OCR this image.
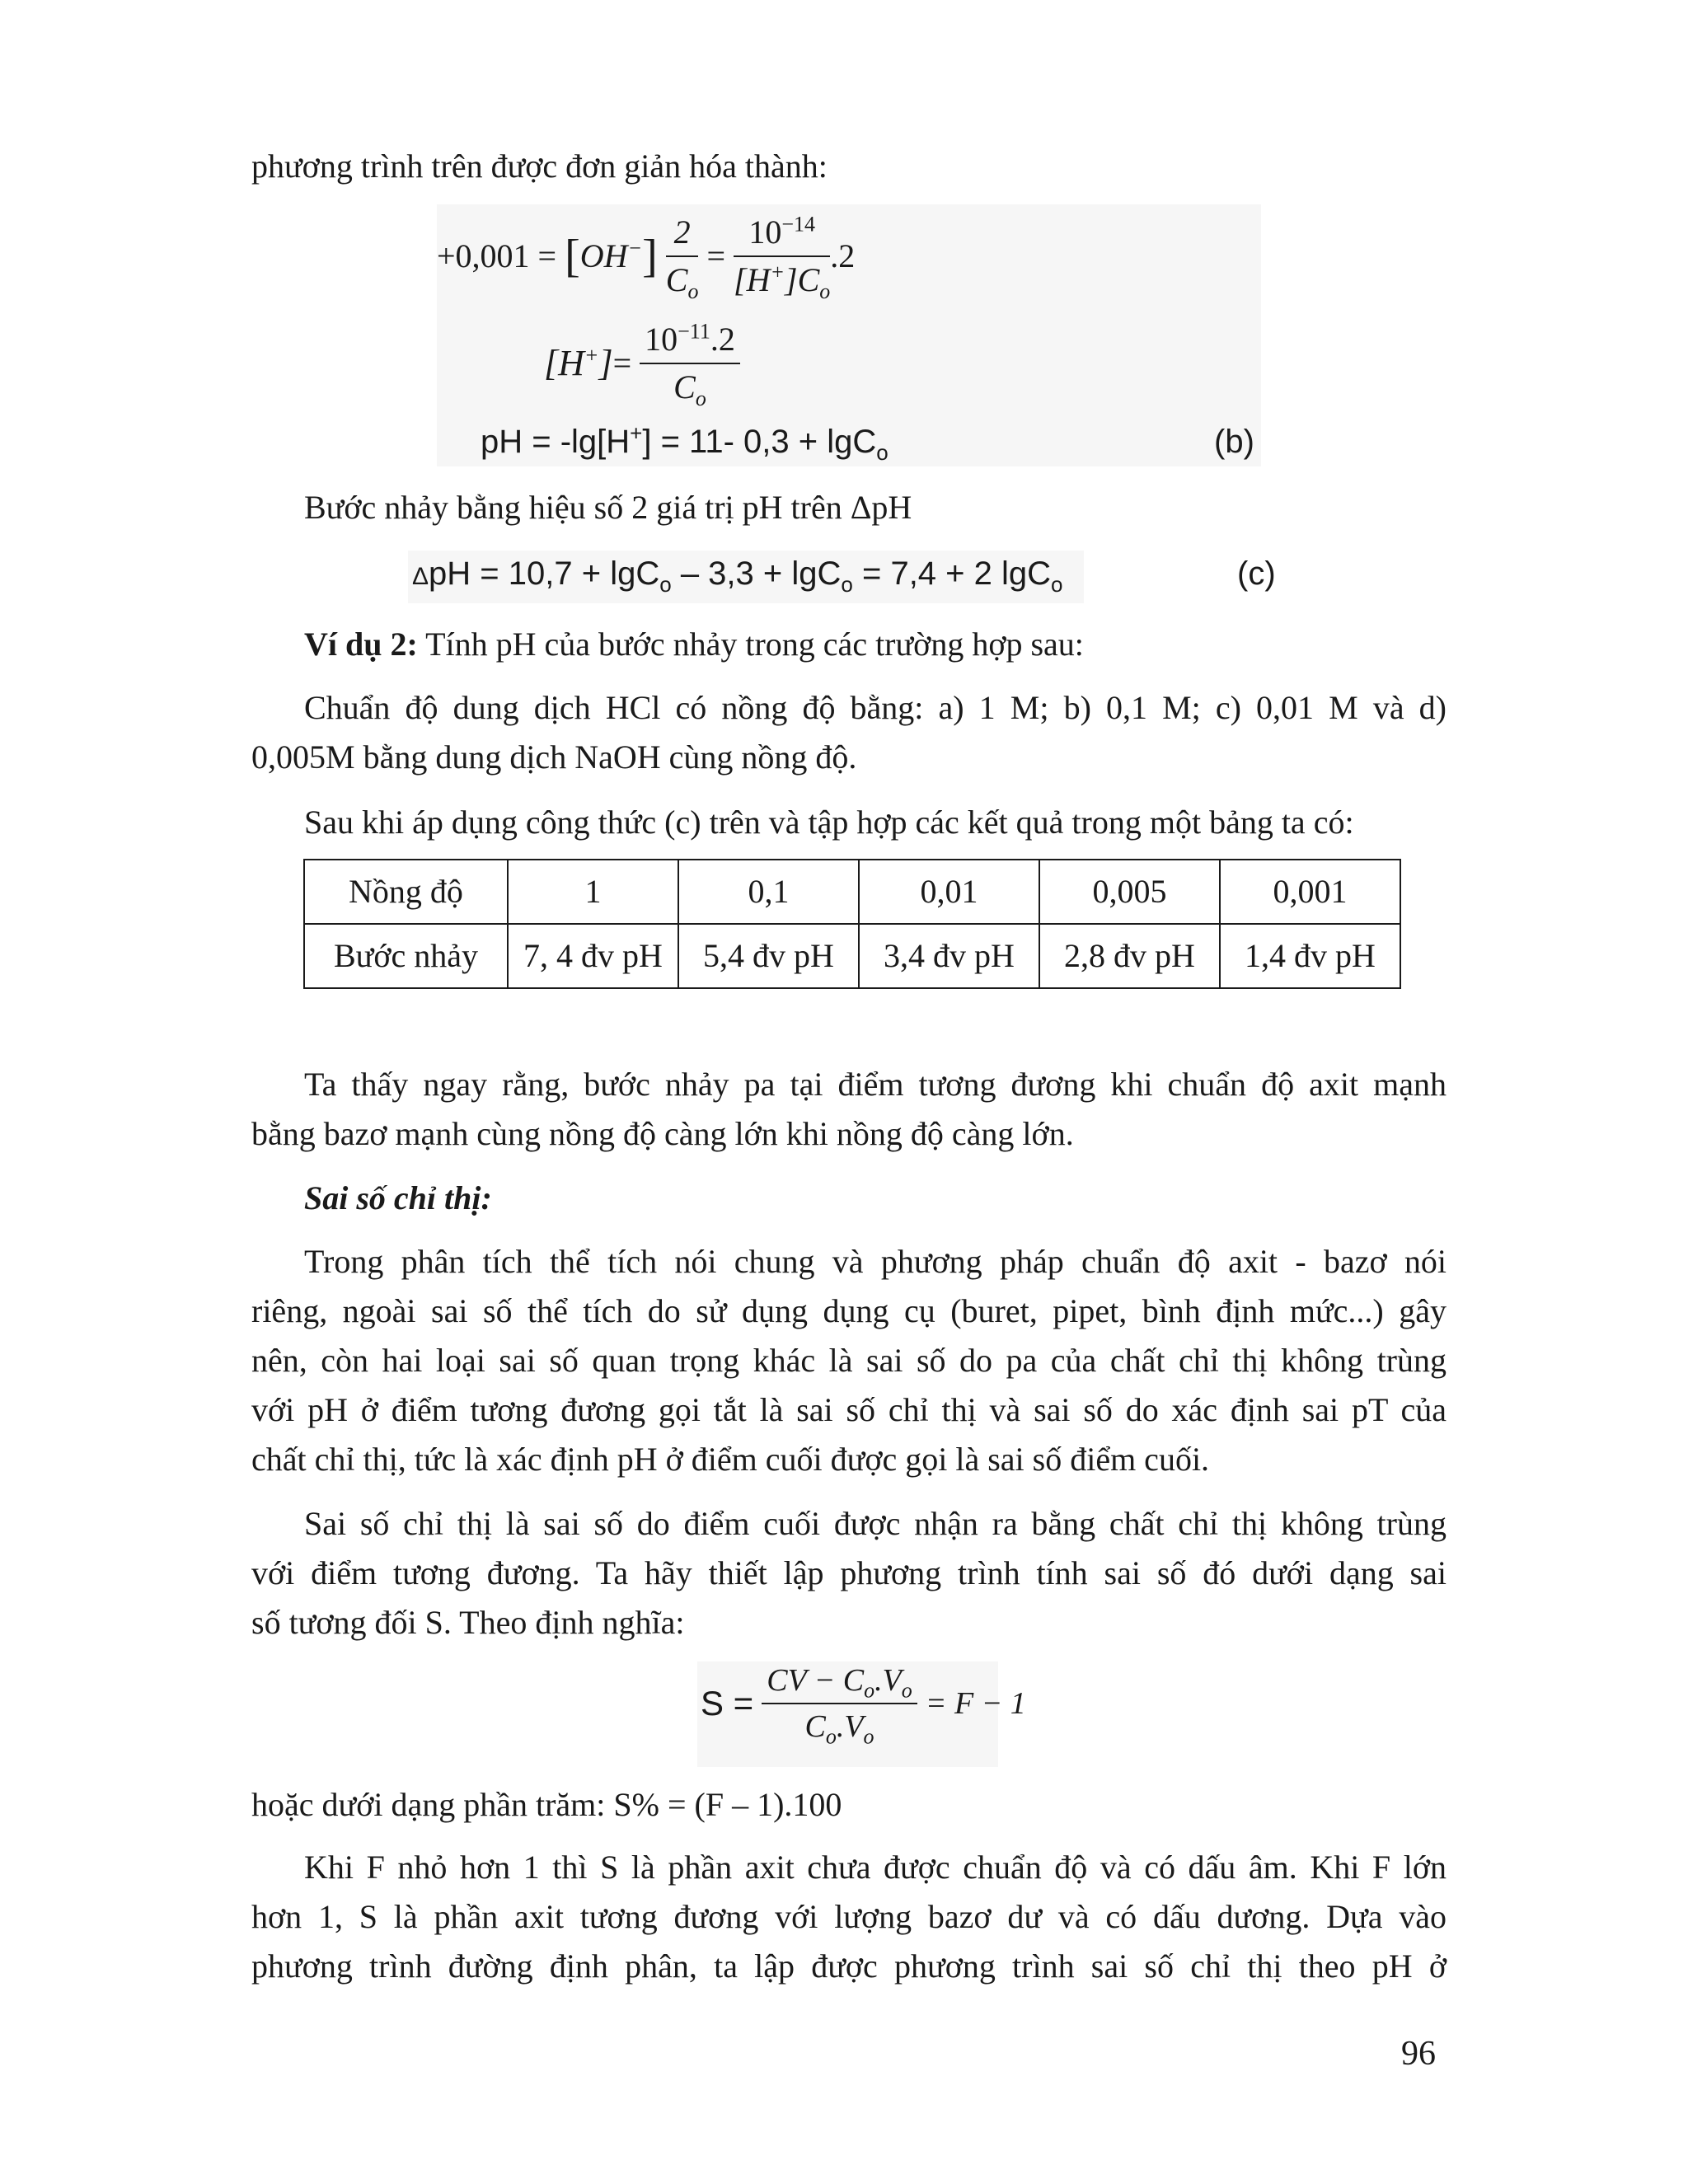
phương trình trên được đơn giản hóa thành:
$+0,001 = [OH^-] \frac{2}{C_o} = \frac{10^{-14}}{[H^+]C_o} .2$
$[H^+]= \frac{10^{-11}.2}{C_o}$
pH = -lg[H+] = 11- 0,3 + lgC$_o$	(b)
Bước nhảy bằng hiệu số 2 giá trị pH trên ΔpH
ΔpH = 10,7 + lgC$_o$ – 3,3 + lgC$_o$ = 7,4 + 2 lgC$_o$	(c)
Ví dụ 2: Tính pH của bước nhảy trong các trường hợp sau:
Chuẩn độ dung dịch HCl có nồng độ bằng: a) 1 M; b) 0,1 M; c) 0,01 M và d)
0,005M bằng dung dịch NaOH cùng nồng độ.
Sau khi áp dụng công thức (c) trên và tập hợp các kết quả trong một bảng ta có:
Nồng độ	1	0,1	0,01	0,005	0,001
Bước nhảy	7, 4 đv pH	5,4 đv pH	3,4 đv pH	2,8 đv pH	1,4 đv pH
Ta thấy ngay rằng, bước nhảy pa tại điểm tương đương khi chuẩn độ axit mạnh
bằng bazơ mạnh cùng nồng độ càng lớn khi nồng độ càng lớn.
Sai số chỉ thị:
Trong phân tích thể tích nói chung và phương pháp chuẩn độ axit - bazơ nói
riêng, ngoài sai số thể tích do sử dụng dụng cụ (buret, pipet, bình định mức...) gây
nên, còn hai loại sai số quan trọng khác là sai số do pa của chất chỉ thị không trùng
với pH ở điểm tương đương gọi tắt là sai số chỉ thị và sai số do xác định sai pT của
chất chỉ thị, tức là xác định pH ở điểm cuối được gọi là sai số điểm cuối.
Sai số chỉ thị là sai số do điểm cuối được nhận ra bằng chất chỉ thị không trùng
với điểm tương đương. Ta hãy thiết lập phương trình tính sai số đó dưới dạng sai
số tương đối S. Theo định nghĩa:
$S = \frac{CV - C_o.V_o}{C_o.V_o} = F - 1$
hoặc dưới dạng phần trăm: S% = (F – 1).100
Khi F nhỏ hơn 1 thì S là phần axit chưa được chuẩn độ và có dấu âm. Khi F lớn
hơn 1, S là phần axit tương đương với lượng bazơ dư và có dấu dương. Dựa vào
phương trình đường định phân, ta lập được phương trình sai số chỉ thị theo pH ở
96
